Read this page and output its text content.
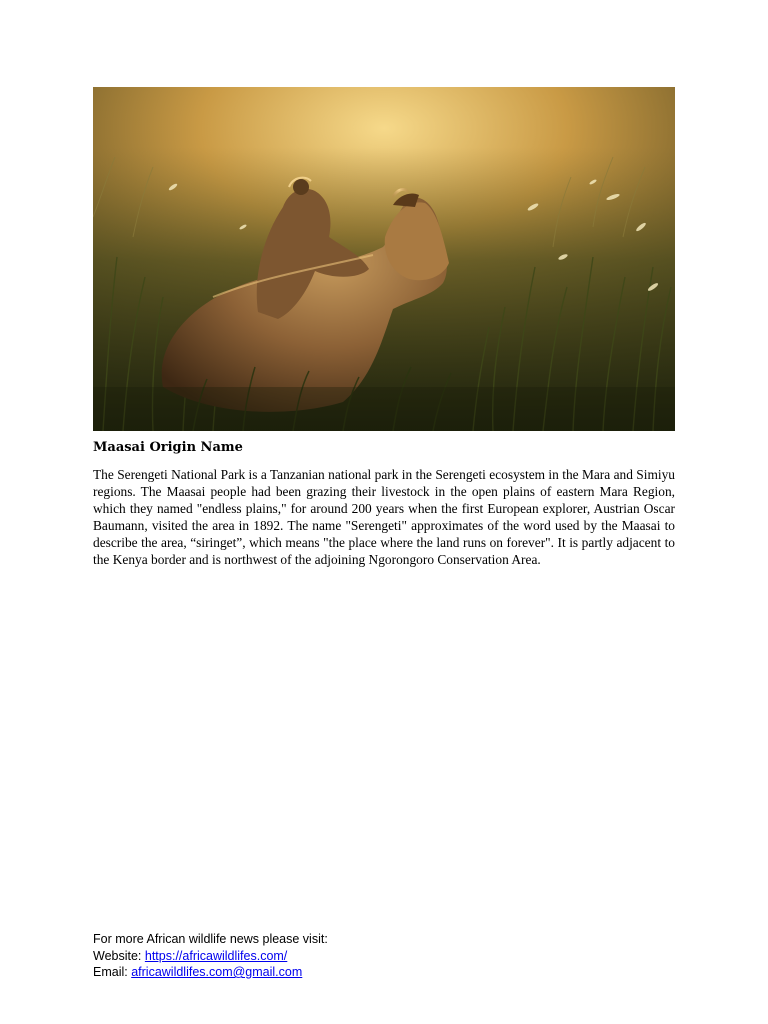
Maasai Origin Name
The Serengeti National Park is a Tanzanian national park in the Serengeti ecosystem in the Mara and Simiyu regions. The Maasai people had been grazing their livestock in the open plains of eastern Mara Region, which they named "endless plains," for around 200 years when the first European explorer, Austrian Oscar Baumann, visited the area in 1892. The name "Serengeti" approximates of the word used by the Maasai to describe the area, “siringet”, which means "the place where the land runs on forever". It is partly adjacent to the Kenya border and is northwest of the adjoining Ngorongoro Conservation Area.
For more African wildlife news please visit:
Website: https://africawildlifes.com/
Email: africawildlifes.com@gmail.com
